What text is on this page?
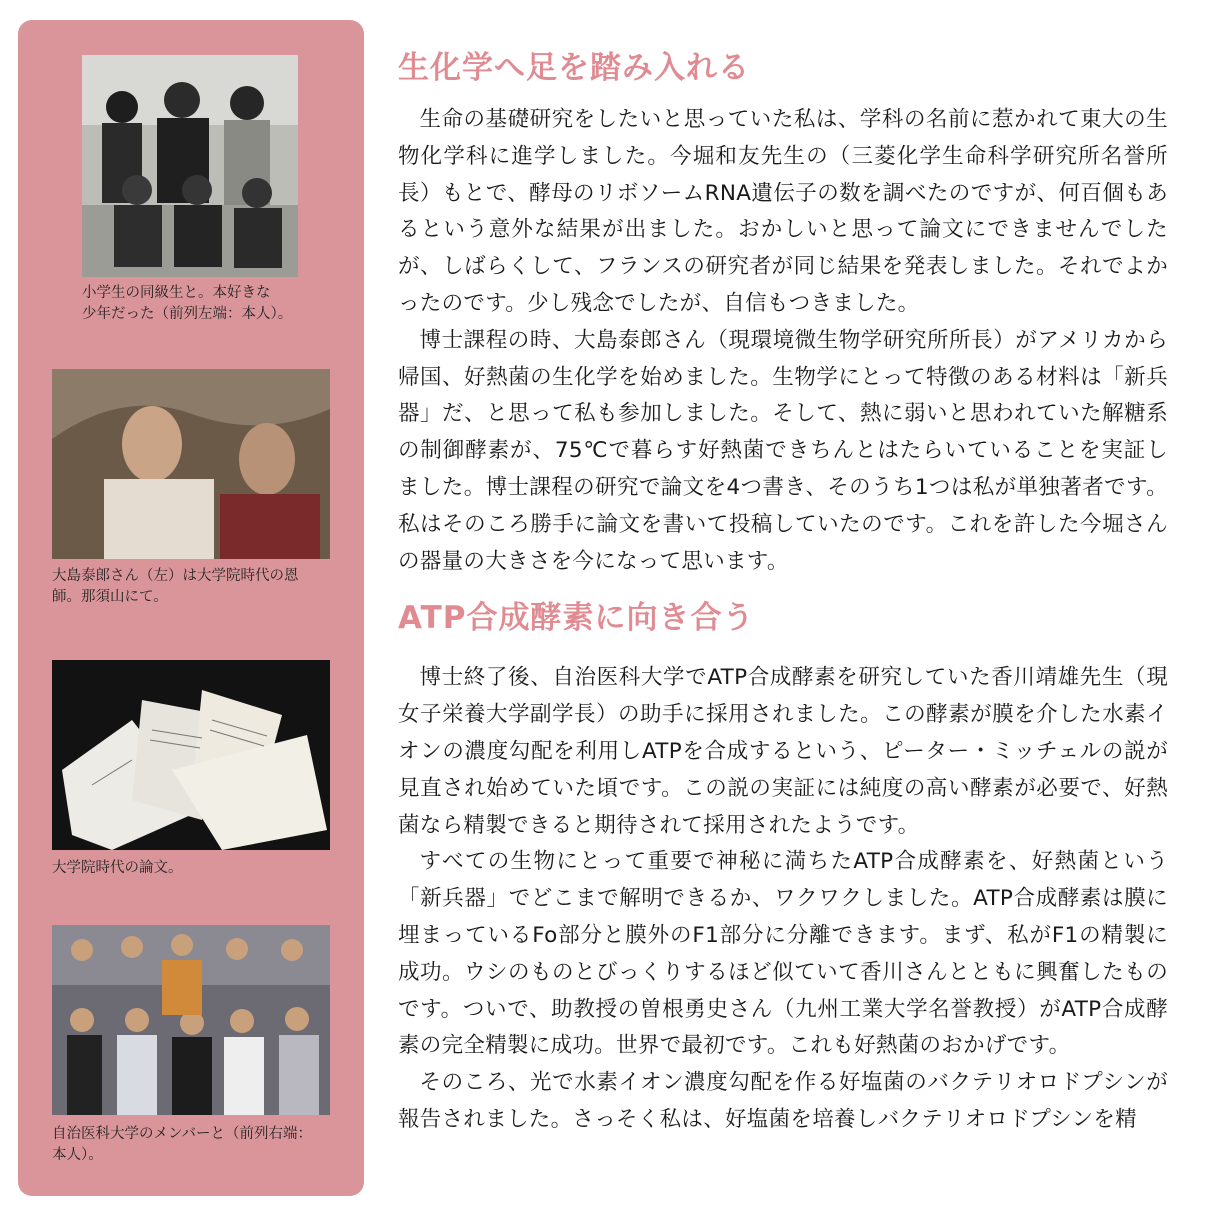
小学生の同級生と。本好きな
少年だった（前列左端：本人）。
大島泰郎さん（左）は大学院時代の恩
師。那須山にて。
大学院時代の論文。
自治医科大学のメンバーと（前列右端：
本人）。
生化学へ足を踏み入れる

生命の基礎研究をしたいと思っていた私は、学科の名前に惹かれて東大の生物化学科に進学しました。今堀和友先生の（三菱化学生命科学研究所名誉所長）もとで、酵母のリボソームRNA遺伝子の数を調べたのですが、何百個もあるという意外な結果が出ました。おかしいと思って論文にできませんでしたが、しばらくして、フランスの研究者が同じ結果を発表しました。それでよかったのです。少し残念でしたが、自信もつきました。

博士課程の時、大島泰郎さん（現環境微生物学研究所所長）がアメリカから帰国、好熱菌の生化学を始めました。生物学にとって特徴のある材料は「新兵器」だ、と思って私も参加しました。そして、熱に弱いと思われていた解糖系の制御酵素が、75℃で暮らす好熱菌できちんとはたらいていることを実証しました。博士課程の研究で論文を4つ書き、そのうち1つは私が単独著者です。私はそのころ勝手に論文を書いて投稿していたのです。これを許した今堀さんの器量の大きさを今になって思います。

ATP合成酵素に向き合う

博士終了後、自治医科大学でATP合成酵素を研究していた香川靖雄先生（現女子栄養大学副学長）の助手に採用されました。この酵素が膜を介した水素イオンの濃度勾配を利用しATPを合成するという、ピーター・ミッチェルの説が見直され始めていた頃です。この説の実証には純度の高い酵素が必要で、好熱菌なら精製できると期待されて採用されたようです。

すべての生物にとって重要で神秘に満ちたATP合成酵素を、好熱菌という「新兵器」でどこまで解明できるか、ワクワクしました。ATP合成酵素は膜に埋まっているFo部分と膜外のF1部分に分離できます。まず、私がF1の精製に成功。ウシのものとびっくりするほど似ていて香川さんとともに興奮したものです。ついで、助教授の曽根勇史さん（九州工業大学名誉教授）がATP合成酵素の完全精製に成功。世界で最初です。これも好熱菌のおかげです。

そのころ、光で水素イオン濃度勾配を作る好塩菌のバクテリオロドプシンが報告されました。さっそく私は、好塩菌を培養しバクテリオロドプシンを精
